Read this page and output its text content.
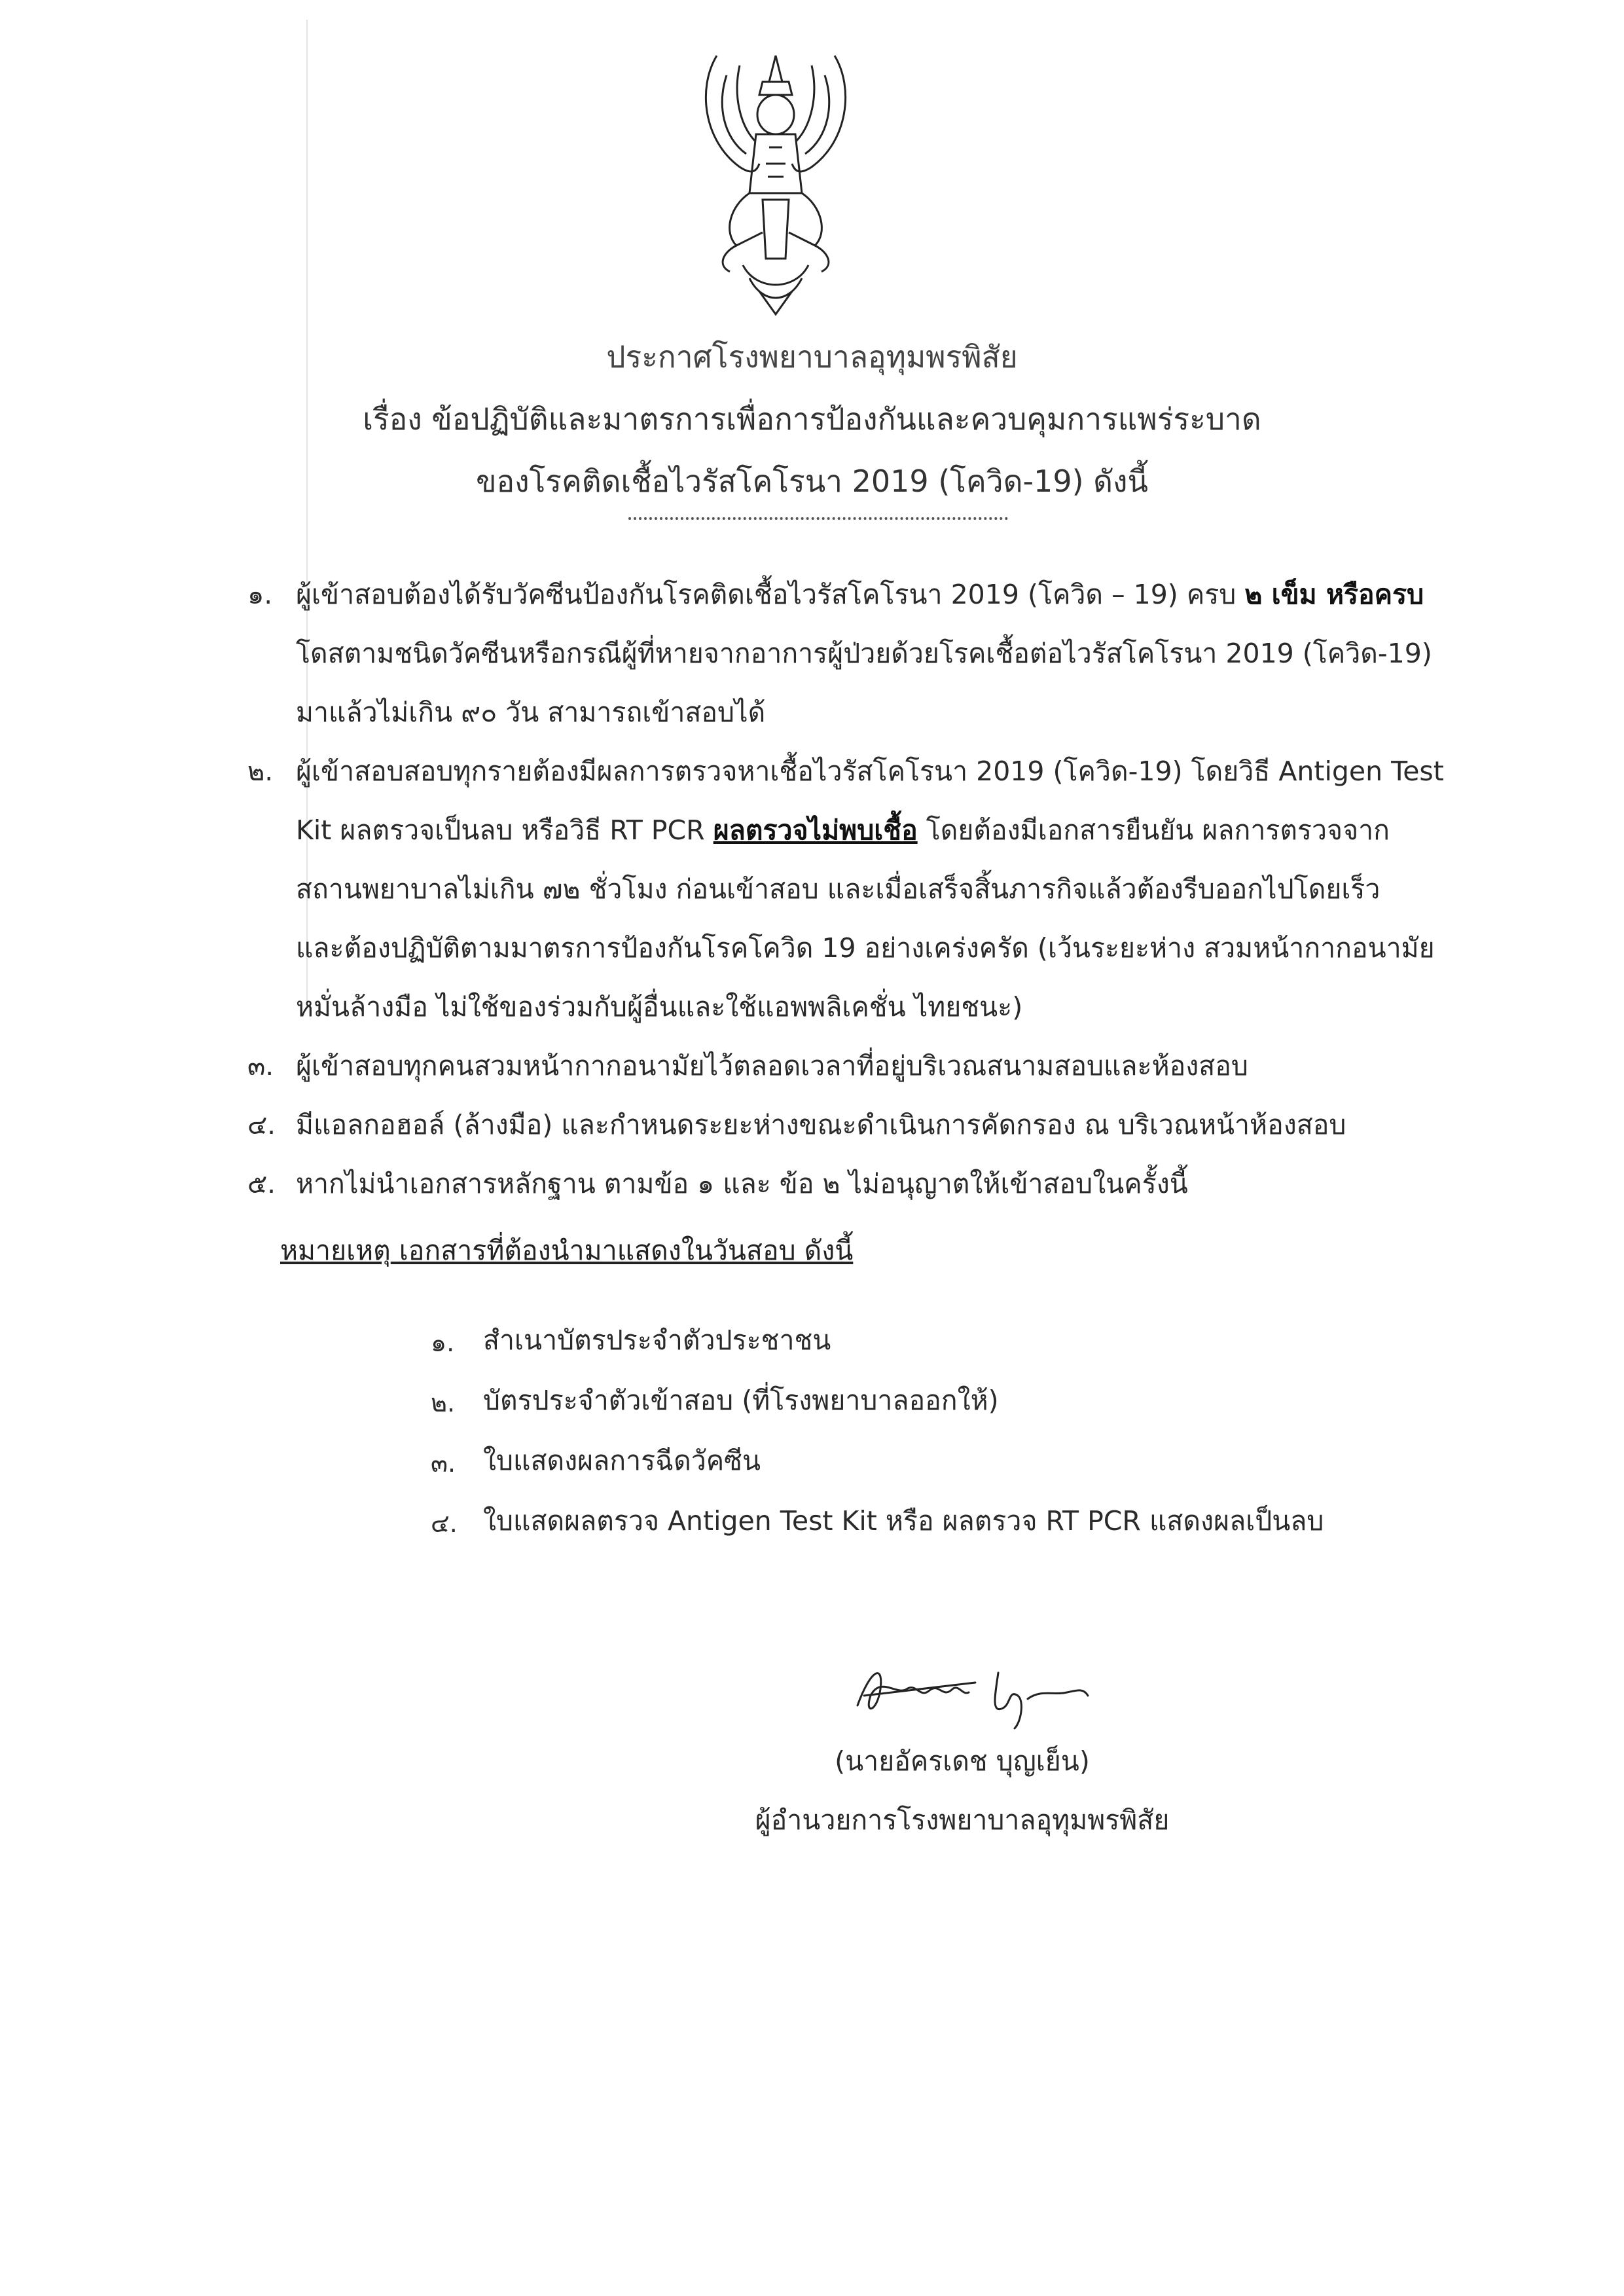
ประกาศโรงพยาบาลอุทุมพรพิสัย
เรื่อง ข้อปฏิบัติและมาตรการเพื่อการป้องกันและควบคุมการแพร่ระบาด
ของโรคติดเชื้อไวรัสโคโรนา 2019 (โควิด-19) ดังนี้
๑. ผู้เข้าสอบต้องได้รับวัคซีนป้องกันโรคติดเชื้อไวรัสโคโรนา 2019 (โควิด – 19) ครบ ๒ เข็ม หรือครบ
โดสตามชนิดวัคซีนหรือกรณีผู้ที่หายจากอาการผู้ป่วยด้วยโรคเชื้อต่อไวรัสโคโรนา 2019 (โควิด-19)
มาแล้วไม่เกิน ๙๐ วัน สามารถเข้าสอบได้
๒. ผู้เข้าสอบสอบทุกรายต้องมีผลการตรวจหาเชื้อไวรัสโคโรนา 2019 (โควิด-19) โดยวิธี Antigen Test
Kit ผลตรวจเป็นลบ หรือวิธี RT PCR ผลตรวจไม่พบเชื้อ โดยต้องมีเอกสารยืนยัน ผลการตรวจจาก
สถานพยาบาลไม่เกิน ๗๒ ชั่วโมง ก่อนเข้าสอบ และเมื่อเสร็จสิ้นภารกิจแล้วต้องรีบออกไปโดยเร็ว
และต้องปฏิบัติตามมาตรการป้องกันโรคโควิด 19 อย่างเคร่งครัด (เว้นระยะห่าง สวมหน้ากากอนามัย
หมั่นล้างมือ ไม่ใช้ของร่วมกับผู้อื่นและใช้แอพพลิเคชั่น ไทยชนะ)
๓. ผู้เข้าสอบทุกคนสวมหน้ากากอนามัยไว้ตลอดเวลาที่อยู่บริเวณสนามสอบและห้องสอบ
๔. มีแอลกอฮอล์ (ล้างมือ) และกำหนดระยะห่างขณะดำเนินการคัดกรอง ณ บริเวณหน้าห้องสอบ
๕. หากไม่นำเอกสารหลักฐาน ตามข้อ ๑ และ ข้อ ๒ ไม่อนุญาตให้เข้าสอบในครั้งนี้
หมายเหตุ เอกสารที่ต้องนำมาแสดงในวันสอบ ดังนี้
๑. สำเนาบัตรประจำตัวประชาชน
๒. บัตรประจำตัวเข้าสอบ (ที่โรงพยาบาลออกให้)
๓. ใบแสดงผลการฉีดวัคซีน
๔. ใบแสดผลตรวจ Antigen Test Kit หรือ ผลตรวจ RT PCR แสดงผลเป็นลบ
(นายอัครเดช บุญเย็น)
ผู้อำนวยการโรงพยาบาลอุทุมพรพิสัย
